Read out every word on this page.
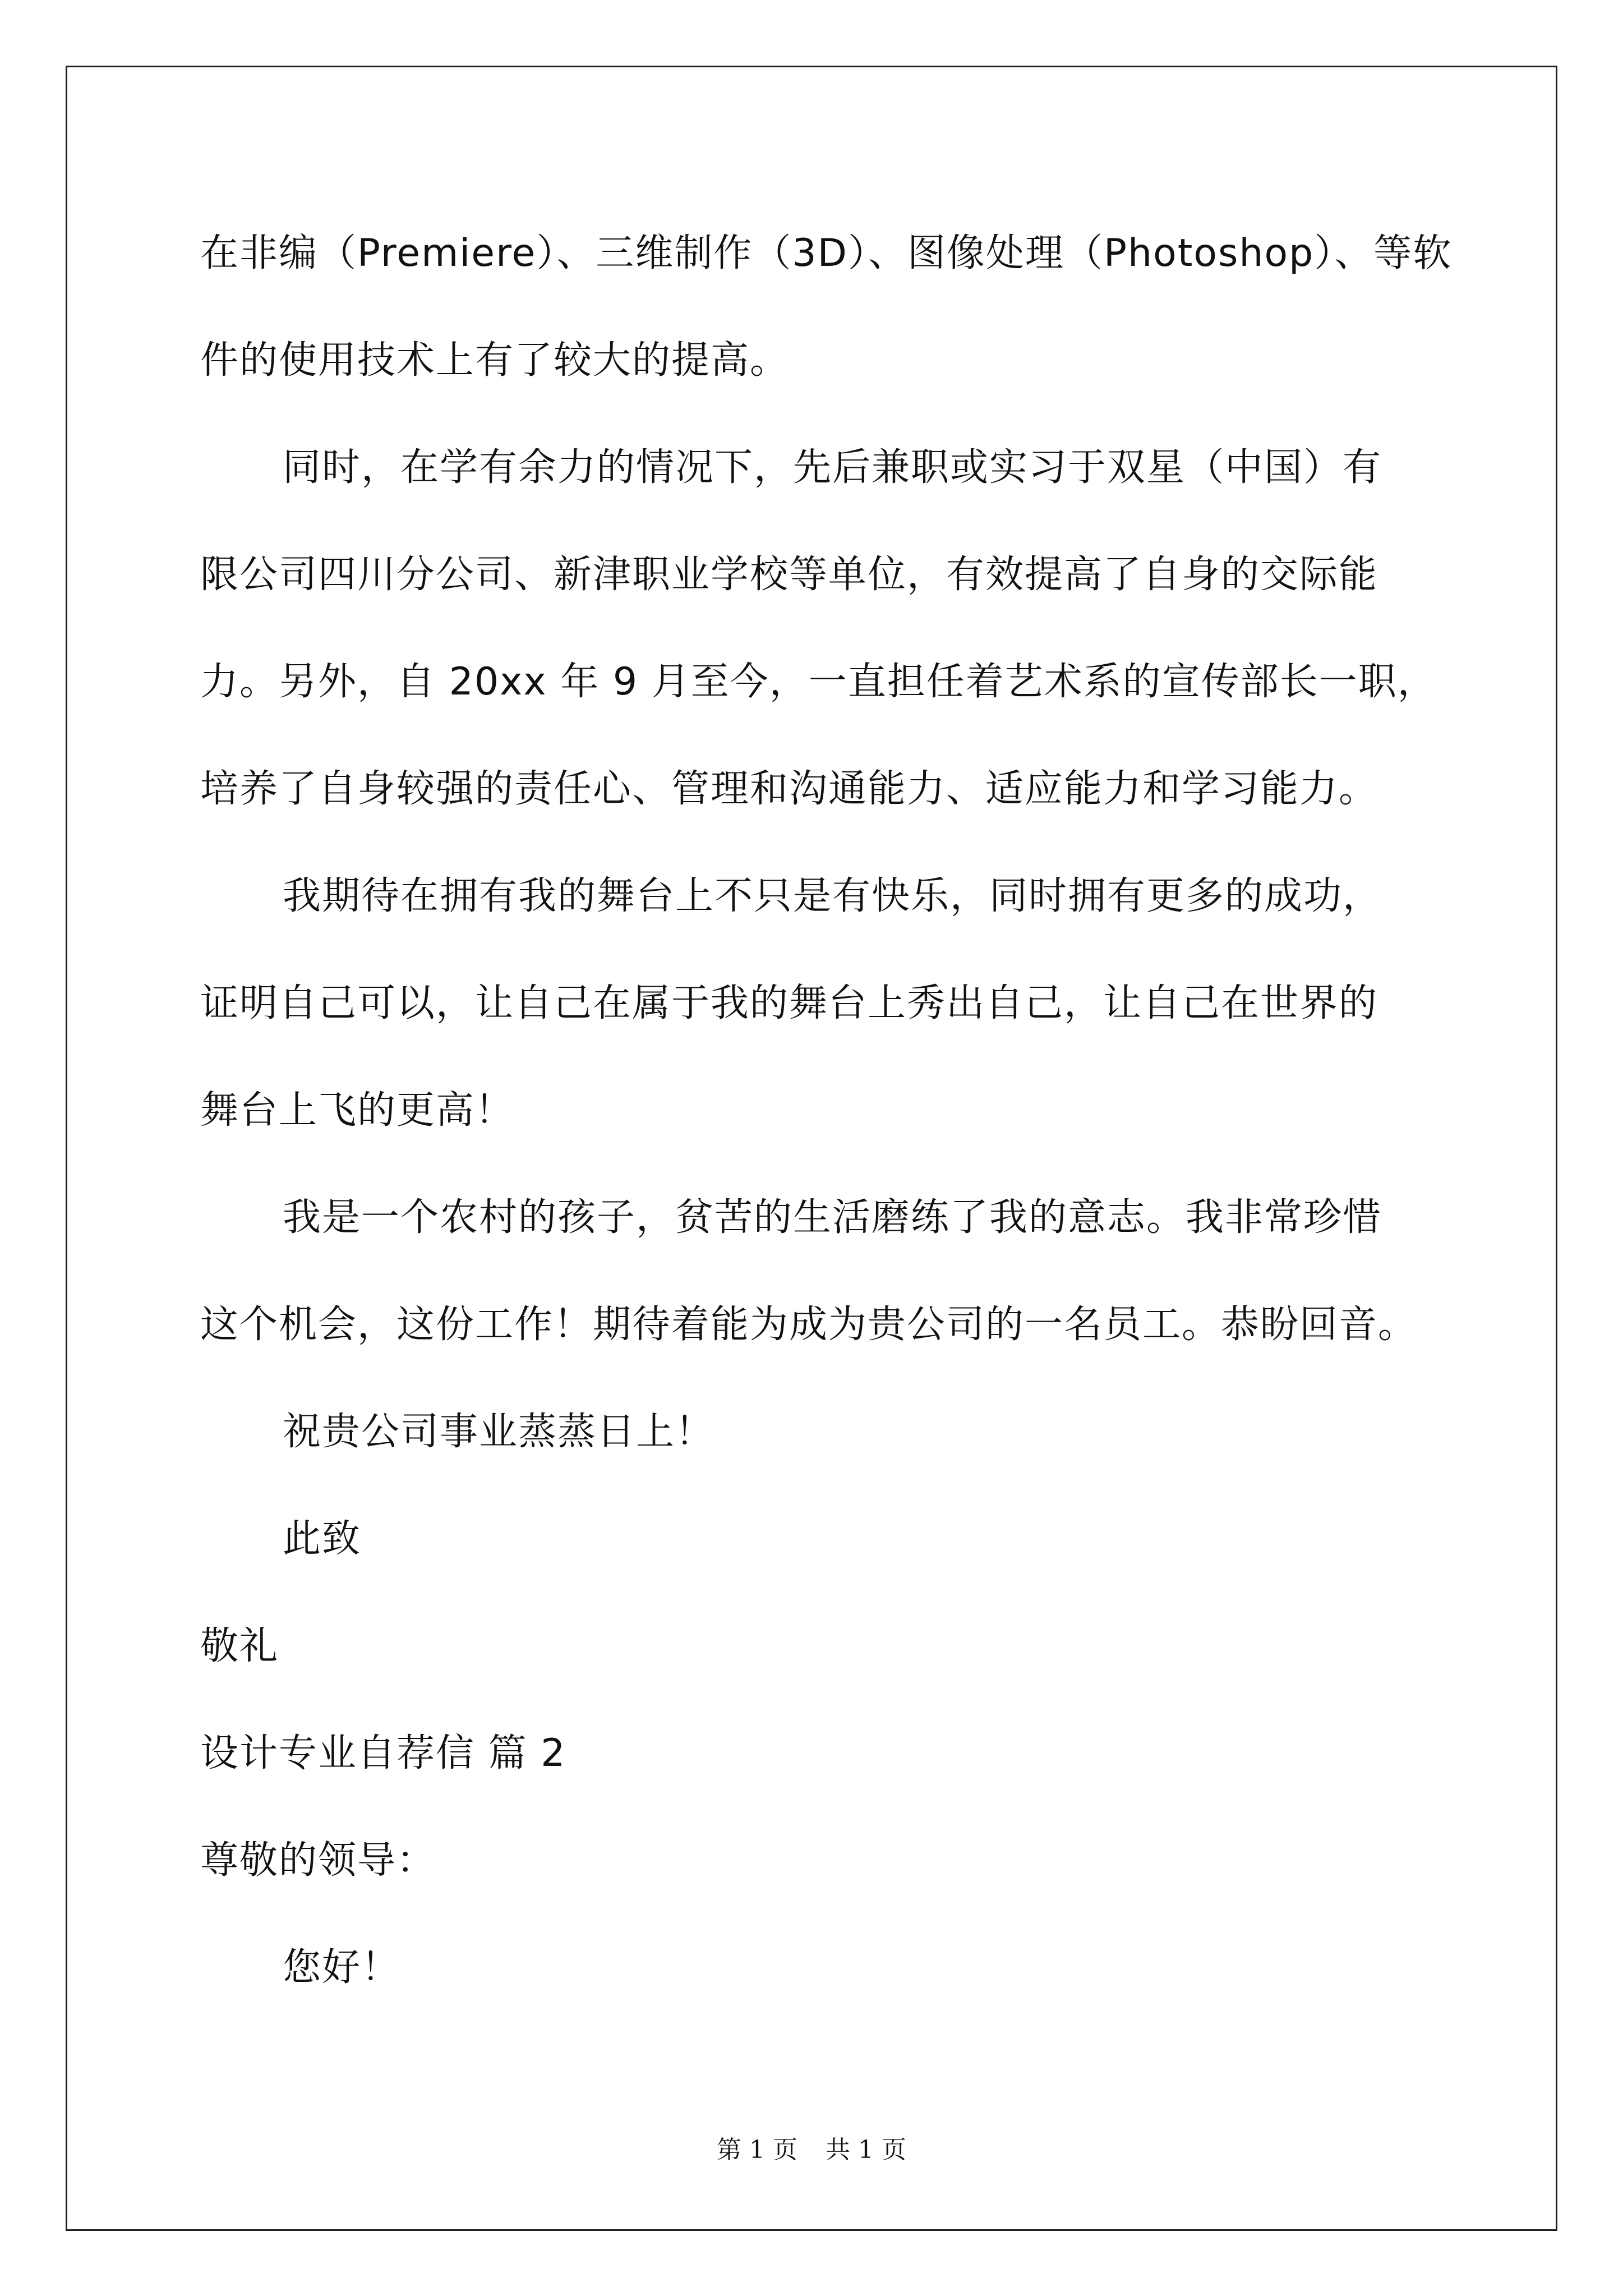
在非编（Premiere）、三维制作（3D）、图像处理（Photoshop）、等软
件的使用技术上有了较大的提高。
同时，在学有余力的情况下，先后兼职或实习于双星（中国）有
限公司四川分公司、新津职业学校等单位，有效提高了自身的交际能
力。另外，自 20xx 年 9 月至今，一直担任着艺术系的宣传部长一职，
培养了自身较强的责任心、管理和沟通能力、适应能力和学习能力。
我期待在拥有我的舞台上不只是有快乐，同时拥有更多的成功，
证明自己可以，让自己在属于我的舞台上秀出自己，让自己在世界的
舞台上飞的更高！
我是一个农村的孩子，贫苦的生活磨练了我的意志。我非常珍惜
这个机会，这份工作！期待着能为成为贵公司的一名员工。恭盼回音。
祝贵公司事业蒸蒸日上！
此致
敬礼
设计专业自荐信 篇 2
尊敬的领导：
您好！
第 1 页 共 1 页
